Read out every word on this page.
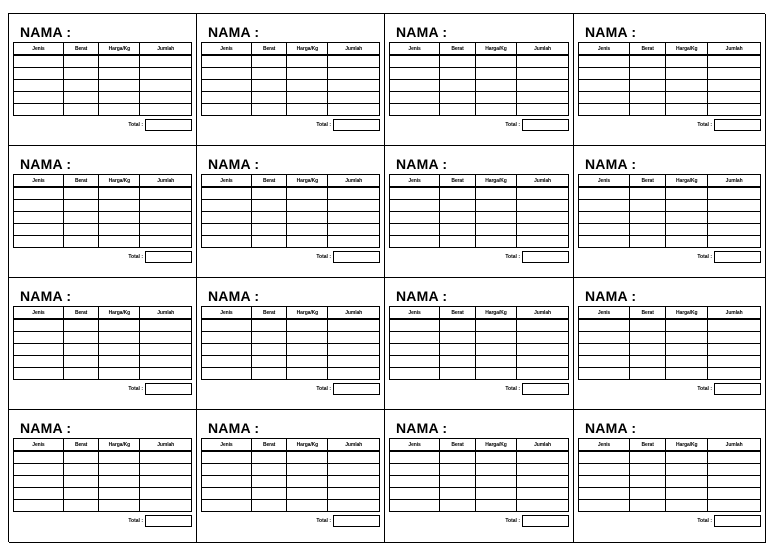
NAMA :
Jenis	Berat	Harga/Kg	Jumlah

Total :
NAMA :
Jenis	Berat	Harga/Kg	Jumlah

Total :
NAMA :
Jenis	Berat	Harga/Kg	Jumlah

Total :
NAMA :
Jenis	Berat	Harga/Kg	Jumlah

Total :
NAMA :
Jenis	Berat	Harga/Kg	Jumlah

Total :
NAMA :
Jenis	Berat	Harga/Kg	Jumlah

Total :
NAMA :
Jenis	Berat	Harga/Kg	Jumlah

Total :
NAMA :
Jenis	Berat	Harga/Kg	Jumlah

Total :
NAMA :
Jenis	Berat	Harga/Kg	Jumlah

Total :
NAMA :
Jenis	Berat	Harga/Kg	Jumlah

Total :
NAMA :
Jenis	Berat	Harga/Kg	Jumlah

Total :
NAMA :
Jenis	Berat	Harga/Kg	Jumlah

Total :
NAMA :
Jenis	Berat	Harga/Kg	Jumlah

Total :
NAMA :
Jenis	Berat	Harga/Kg	Jumlah

Total :
NAMA :
Jenis	Berat	Harga/Kg	Jumlah

Total :
NAMA :
Jenis	Berat	Harga/Kg	Jumlah

Total :
